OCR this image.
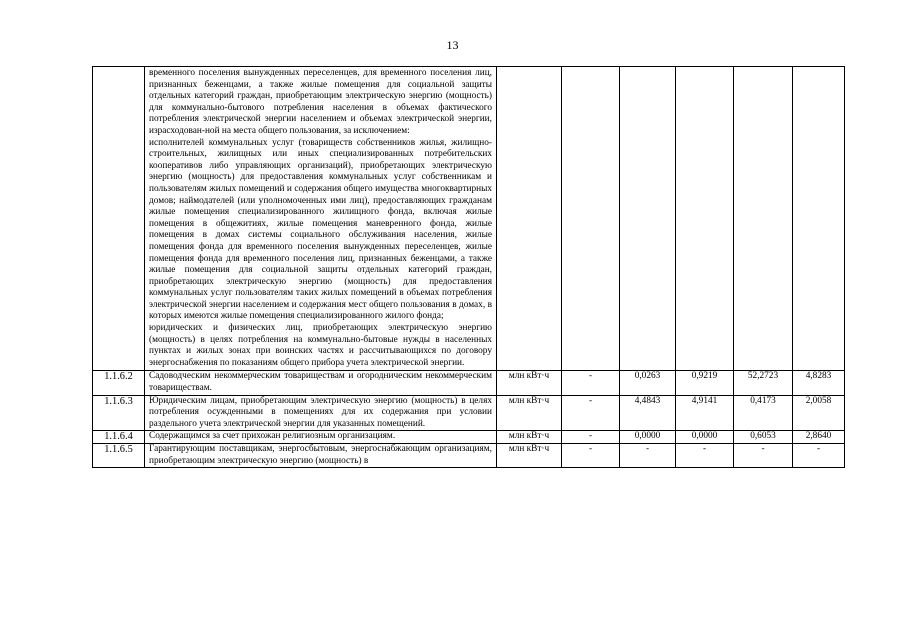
13

	временного поселения вынужденных переселенцев, для временного поселения лиц, признанных беженцами, а также жилые помещения для социальной защиты отдельных категорий граждан, приобретающим электрическую энергию (мощность) для коммунально-бытового потребления населения в объемах фактического потребления электрической энергии населением и объемах электрической энергии, израсходован-ной на места общего пользования, за исключением:
исполнителей коммунальных услуг (товариществ собственников жилья, жилищно-строительных, жилищных или иных специализированных потребительских кооперативов либо управляющих организаций), приобретающих электрическую энергию (мощность) для предоставления коммунальных услуг собственникам и пользователям жилых помещений и содержания общего имущества многоквартирных домов; наймодателей (или уполномоченных ими лиц), предоставляющих гражданам жилые помещения специализированного жилищного фонда, включая жилые помещения в общежитиях, жилые помещения маневренного фонда, жилые помещения в домах системы социального обслуживания населения, жилые помещения фонда для временного поселения вынужденных переселенцев, жилые помещения фонда для временного поселения лиц, признанных беженцами, а также жилые помещения для социальной защиты отдельных категорий граждан, приобретающих электрическую энергию (мощность) для предоставления коммунальных услуг пользователям таких жилых помещений в объемах потребления электрической энергии населением и содержания мест общего пользования в домах, в которых имеются жилые помещения специализированного жилого фонда;
юридических и физических лиц, приобретающих электрическую энергию (мощность) в целях потребления на коммунально-бытовые нужды в населенных пунктах и жилых зонах при воинских частях и рассчитывающихся по договору энергоснабжения по показаниям общего прибора учета электрической энергии.						

1.1.6.2	Садоводческим некоммерческим товариществам и огородническим некоммерческим товариществам.	млн кВт·ч	-	0,0263	0,9219	52,2723	4,8283
1.1.6.3	Юридическим лицам, приобретающим электрическую энергию (мощность) в целях потребления осужденными в помещениях для их содержания при условии раздельного учета электрической энергии для указанных помещений.	млн кВт·ч	-	4,4843	4,9141	0,4173	2,0058
1.1.6.4	Содержащимся за счет прихожан религиозным организациям.	млн кВт·ч	-	0,0000	0,0000	0,6053	2,8640
1.1.6.5	Гарантирующим поставщикам, энергосбытовым, энергоснабжающим организациям, приобретающим электрическую энергию (мощность) в	млн кВт·ч	-	-	-	-	-
